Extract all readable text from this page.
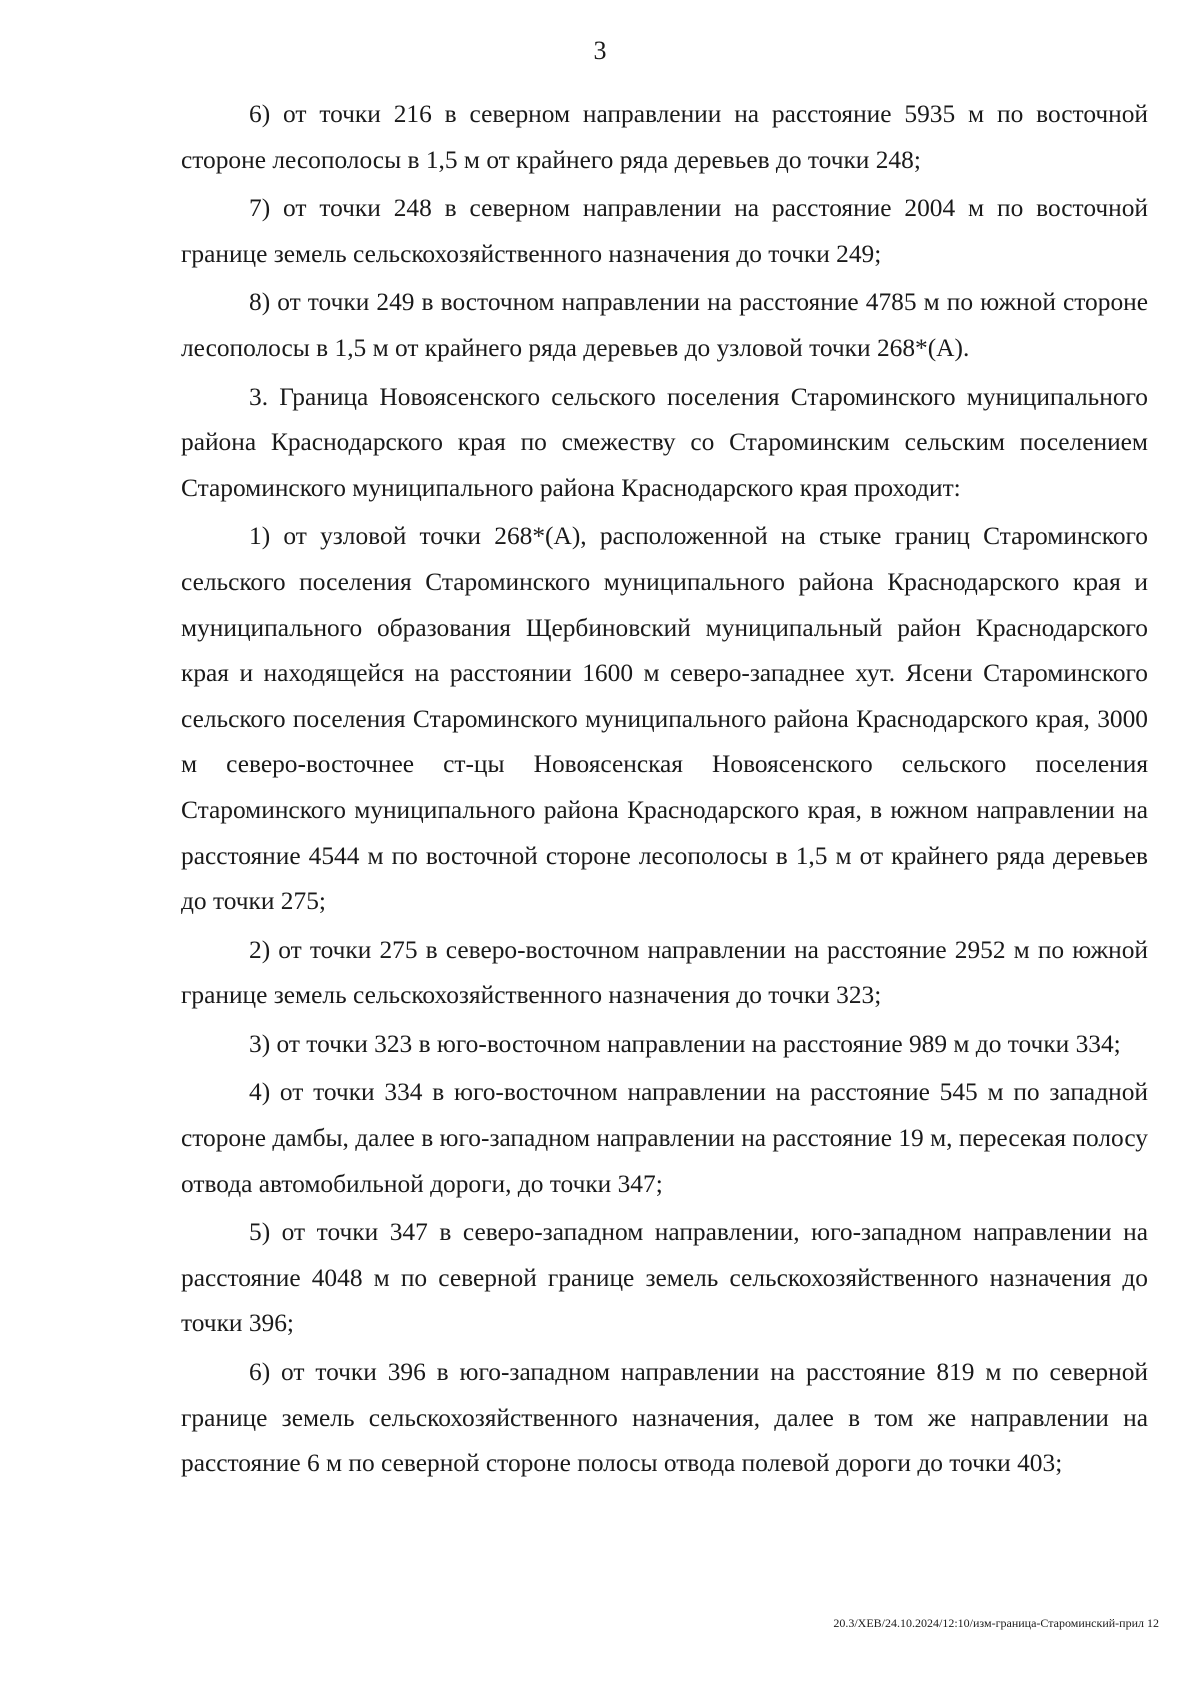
3

6) от точки 216 в северном направлении на расстояние 5935 м по восточной стороне лесополосы в 1,5 м от крайнего ряда деревьев до точки 248;

7) от точки 248 в северном направлении на расстояние 2004 м по восточной границе земель сельскохозяйственного назначения до точки 249;

8) от точки 249 в восточном направлении на расстояние 4785 м по южной стороне лесополосы в 1,5 м от крайнего ряда деревьев до узловой точки 268*(А).

3. Граница Новоясенского сельского поселения Староминского муниципального района Краснодарского края по смежеству со Староминским сельским поселением Староминского муниципального района Краснодарского края проходит:

1) от узловой точки 268*(А), расположенной на стыке границ Староминского сельского поселения Староминского муниципального района Краснодарского края и муниципального образования Щербиновский муниципальный район Краснодарского края и находящейся на расстоянии 1600 м северо-западнее хут. Ясени Староминского сельского поселения Староминского муниципального района Краснодарского края, 3000 м северо-восточнее ст-цы Новоясенская Новоясенского сельского поселения Староминского муниципального района Краснодарского края, в южном направлении на расстояние 4544 м по восточной стороне лесополосы в 1,5 м от крайнего ряда деревьев до точки 275;

2) от точки 275 в северо-восточном направлении на расстояние 2952 м по южной границе земель сельскохозяйственного назначения до точки 323;

3) от точки 323 в юго-восточном направлении на расстояние 989 м до точки 334;

4) от точки 334 в юго-восточном направлении на расстояние 545 м по западной стороне дамбы, далее в юго-западном направлении на расстояние 19 м, пересекая полосу отвода автомобильной дороги, до точки 347;

5) от точки 347 в северо-западном направлении, юго-западном направлении на расстояние 4048 м по северной границе земель сельскохозяйственного назначения до точки 396;

6) от точки 396 в юго-западном направлении на расстояние 819 м по северной границе земель сельскохозяйственного назначения, далее в том же направлении на расстояние 6 м по северной стороне полосы отвода полевой дороги до точки 403;

20.3/ХЕВ/24.10.2024/12:10/изм-граница-Староминский-прил 12
